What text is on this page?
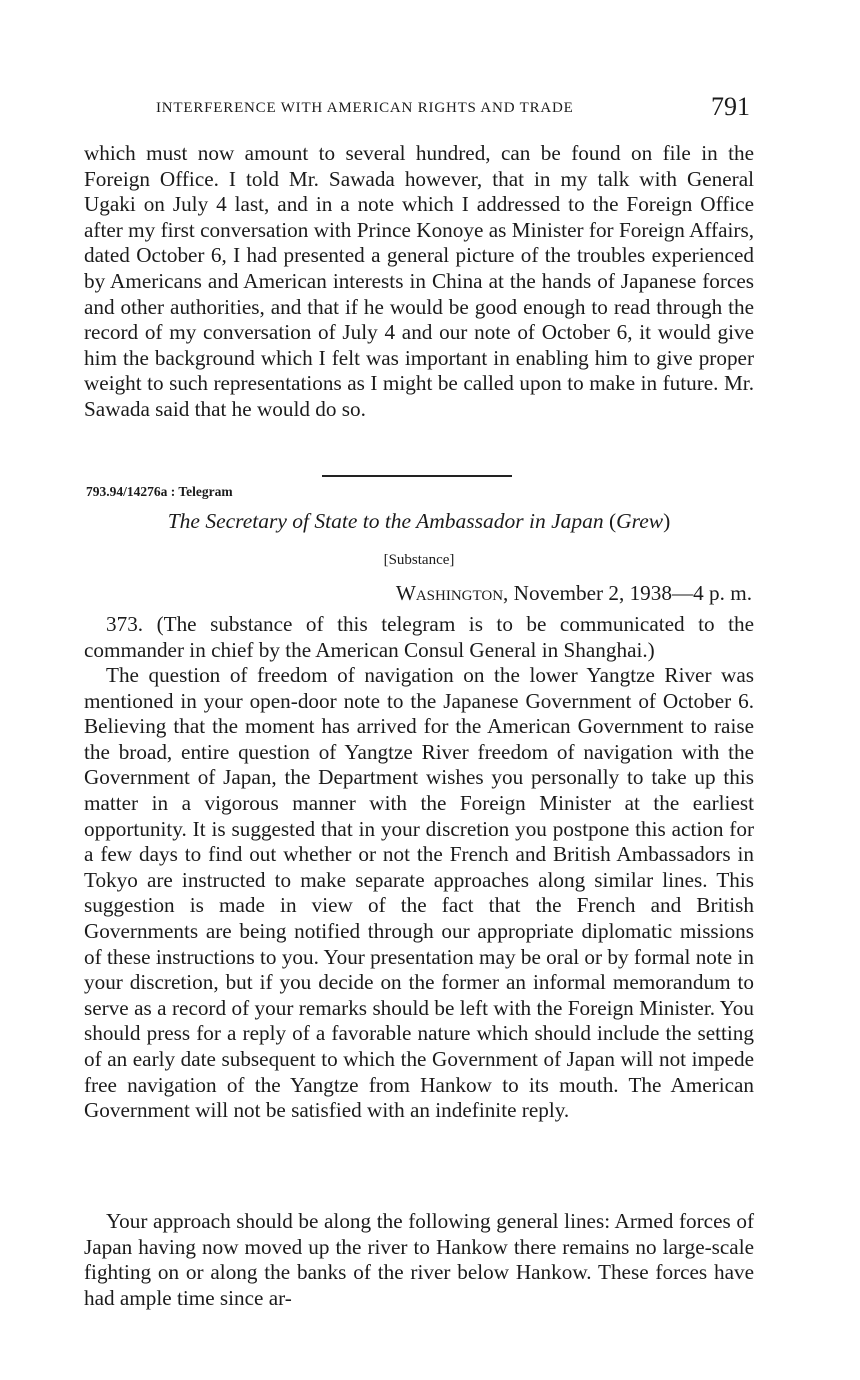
INTERFERENCE WITH AMERICAN RIGHTS AND TRADE	791

which must now amount to several hundred, can be found on file in the Foreign Office. I told Mr. Sawada however, that in my talk with General Ugaki on July 4 last, and in a note which I addressed to the Foreign Office after my first conversation with Prince Konoye as Minister for Foreign Affairs, dated October 6, I had presented a general picture of the troubles experienced by Americans and American interests in China at the hands of Japanese forces and other authorities, and that if he would be good enough to read through the record of my conversation of July 4 and our note of October 6, it would give him the background which I felt was important in enabling him to give proper weight to such representations as I might be called upon to make in future. Mr. Sawada said that he would do so.

793.94/14276a : Telegram
The Secretary of State to the Ambassador in Japan (Grew)
[Substance]
Washington, November 2, 1938—4 p. m.

373. (The substance of this telegram is to be communicated to the commander in chief by the American Consul General in Shanghai.)

The question of freedom of navigation on the lower Yangtze River was mentioned in your open-door note to the Japanese Government of October 6. Believing that the moment has arrived for the American Government to raise the broad, entire question of Yangtze River freedom of navigation with the Government of Japan, the Department wishes you personally to take up this matter in a vigorous manner with the Foreign Minister at the earliest opportunity. It is suggested that in your discretion you postpone this action for a few days to find out whether or not the French and British Ambassadors in Tokyo are instructed to make separate approaches along similar lines. This suggestion is made in view of the fact that the French and British Governments are being notified through our appropriate diplomatic missions of these instructions to you. Your presentation may be oral or by formal note in your discretion, but if you decide on the former an informal memorandum to serve as a record of your remarks should be left with the Foreign Minister. You should press for a reply of a favorable nature which should include the setting of an early date subsequent to which the Government of Japan will not impede free navigation of the Yangtze from Hankow to its mouth. The American Government will not be satisfied with an indefinite reply.

Your approach should be along the following general lines: Armed forces of Japan having now moved up the river to Hankow there remains no large-scale fighting on or along the banks of the river below Hankow. These forces have had ample time since ar-
